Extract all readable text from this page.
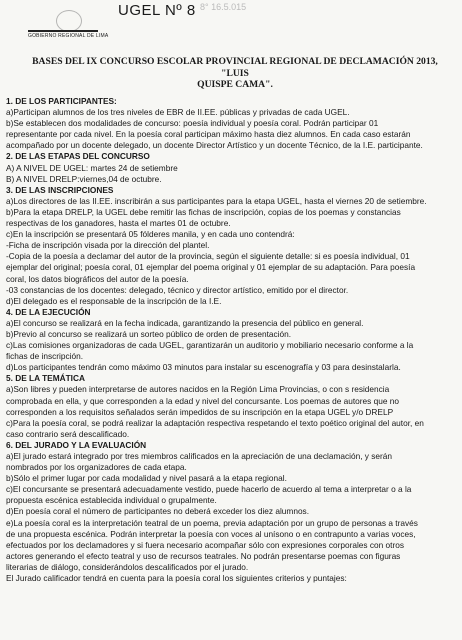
UGEL Nº 8 8° 16.5.015
GOBIERNO REGIONAL DE LIMA
BASES DEL IX CONCURSO ESCOLAR PROVINCIAL REGIONAL DE DECLAMACIÓN 2013, "LUIS
QUISPE CAMA".
1. DE LOS PARTICIPANTES:
a)Participan alumnos de los tres niveles de EBR de II.EE. públicas y privadas de cada UGEL.
b)Se establecen dos modalidades de concurso: poesía individual y poesía coral. Podrán participar 01
representante por cada nivel. En la poesía coral participan máximo hasta diez alumnos. En cada caso estarán
acompañado por un docente delegado, un docente Director Artístico y un docente Técnico, de la I.E. participante.
2. DE LAS ETAPAS DEL CONCURSO
A) A NIVEL DE UGEL: martes 24 de setiembre
B) A NIVEL DRELP:viernes,04 de octubre.
3. DE LAS INSCRIPCIONES
a)Los directores de las II.EE. inscribirán a sus participantes para la etapa UGEL, hasta el viernes 20 de setiembre.
b)Para la etapa DRELP, la UGEL debe remitir las fichas de inscripción, copias de los poemas y constancias
respectivas de los ganadores, hasta el martes 01 de octubre.
c)En la inscripción se presentará 05 fólderes manila, y en cada uno contendrá:
-Ficha de inscripción visada por la dirección del plantel.
-Copia de la poesía a declamar del autor de la provincia, según el siguiente detalle: si es poesía individual, 01
ejemplar del original; poesía coral, 01 ejemplar del poema original y 01 ejemplar de su adaptación. Para poesía
coral, los datos biográficos del autor de la poesía.
-03 constancias de los docentes: delegado, técnico y director artístico, emitido por el director.
d)El delegado es el responsable de la inscripción de la I.E.
4. DE LA EJECUCIÓN
a)El concurso se realizará en la fecha indicada, garantizando la presencia del público en general.
b)Previo al concurso se realizará un sorteo público de orden de presentación.
c)Las comisiones organizadoras de cada UGEL, garantizarán un auditorio y mobiliario necesario conforme a la
fichas de inscripción.
d)Los participantes tendrán como máximo 03 minutos para instalar su escenografía y 03 para desinstalarla.
5. DE LA TEMÁTICA
a)Son libres y pueden interpretarse de autores nacidos en la Región Lima Provincias, o con s residencia
comprobada en ella, y que corresponden a la edad y nivel del concursante. Los poemas de autores que no
corresponden a los requisitos señalados serán impedidos de su inscripción en la etapa UGEL y/o DRELP
c)Para la poesía coral, se podrá realizar la adaptación respectiva respetando el texto poético original del autor, en
caso contrario será descalificado.
6. DEL JURADO Y LA EVALUACIÓN
a)El jurado estará integrado por tres miembros calificados en la apreciación de una declamación, y serán
nombrados por los organizadores de cada etapa.
b)Sólo el primer lugar por cada modalidad y nivel pasará a la etapa regional.
c)El concursante se presentará adecuadamente vestido, puede hacerlo de acuerdo al tema a interpretar o a la
propuesta escénica establecida individual o grupalmente.
d)En poesía coral el número de participantes no deberá exceder los diez alumnos.
e)La poesía coral es la interpretación teatral de un poema, previa adaptación por un grupo de personas a través
de una propuesta escénica. Podrán interpretar la poesía con voces al unísono o en contrapunto a varias voces,
efectuados por los declamadores y si fuera necesario acompañar sólo con expresiones corporales con otros
actores generando el efecto teatral y uso de recursos teatrales. No podrán presentarse poemas con figuras
literarias de diálogo, considerándolos descalificados por el jurado.
El Jurado calificador tendrá en cuenta para la poesía coral los siguientes criterios y puntajes:
